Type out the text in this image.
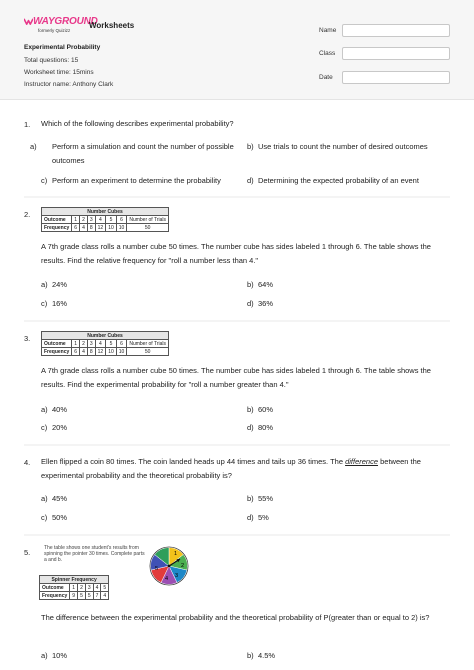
WAYGROUND
formerly Quizizz
Worksheets
Experimental Probability
Total questions: 15
Worksheet time: 15mins
Instructor name: Anthony Clark
Name
Class
Date
1. Which of the following describes experimental probability?
a) Perform a simulation and count the number of possible outcomes
b) Use trials to count the number of desired outcomes
c) Perform an experiment to determine the probability	d) Determining the expected probability of an event
2.	Number Cubes							
Outcome	1	2	3	4	5	6	Number of Trials
Frequency	6	4	8	12	10	10	50
A 7th grade class rolls a number cube 50 times. The number cube has sides labeled 1 through 6. The table shows the results. Find the relative frequency for "roll a number less than 4."
a) 24%	b) 64%
c) 16%	d) 36%
3.	Number Cubes							
Outcome	1	2	3	4	5	6	Number of Trials
Frequency	6	4	8	12	10	10	50
A 7th grade class rolls a number cube 50 times. The number cube has sides labeled 1 through 6. The table shows the results. Find the experimental probability for "roll a number greater than 4."
a) 40%	b) 60%
c) 20%	d) 80%
4. Ellen flipped a coin 80 times. The coin landed heads up 44 times and tails up 36 times. The difference between the experimental probability and the theoretical probability is?
a) 45%	b) 55%
c) 50%	d) 5%
5.	The table shows one student's results from spinning the pointer 30 times. Complete parts a and b.
Spinner Frequency					
Outcome	1	2	3	4	5
Frequency	9	5	5	7	4
1
2
3
4
5
The difference between the experimental probability and the theoretical probability of P(greater than or equal to 2) is?
a) 10%	b) 4.5%
